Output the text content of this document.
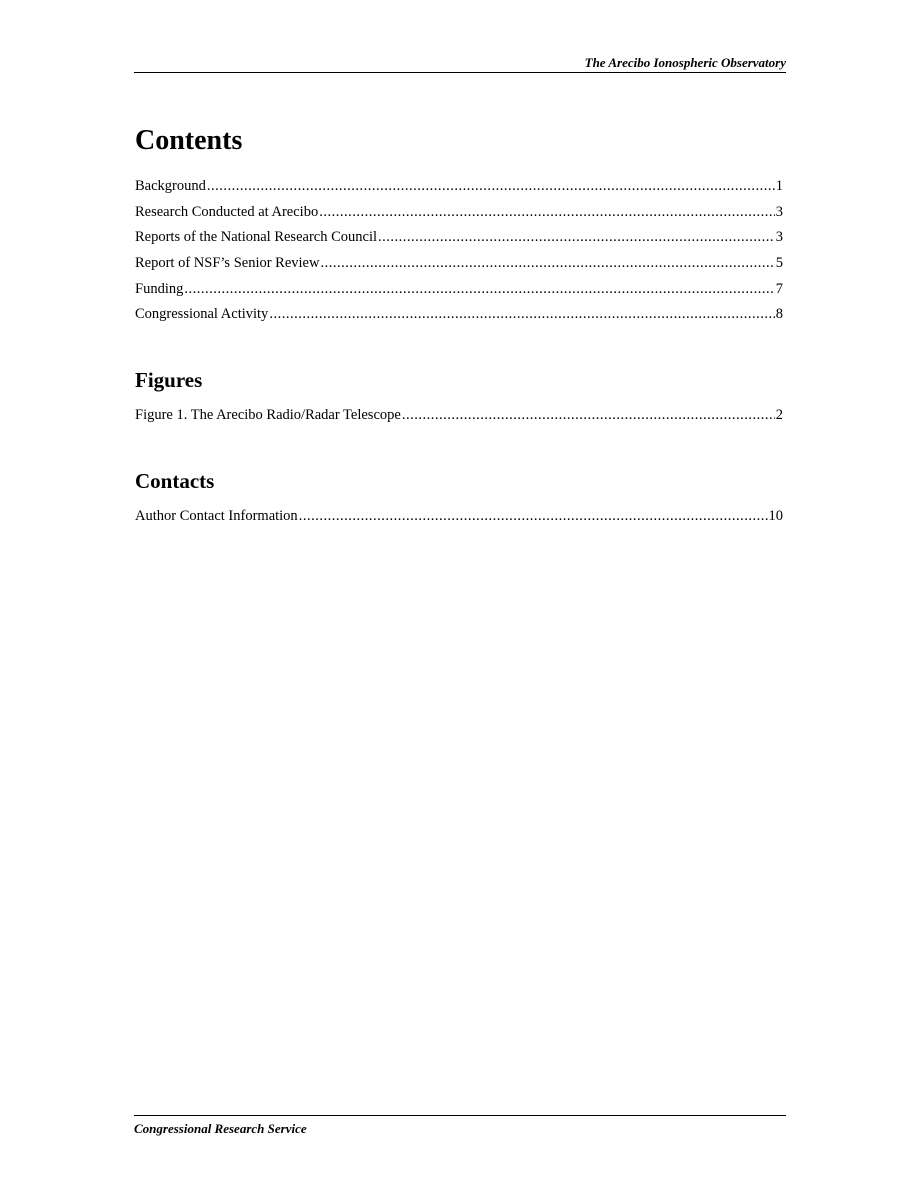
The Arecibo Ionospheric Observatory
Contents
Background .....	1
Research Conducted at Arecibo .....	3
Reports of the National Research Council .....	3
Report of NSF’s Senior Review .....	5
Funding .....	7
Congressional Activity .....	8
Figures
Figure 1. The Arecibo Radio/Radar Telescope .....	2
Contacts
Author Contact Information .....	10
Congressional Research Service
